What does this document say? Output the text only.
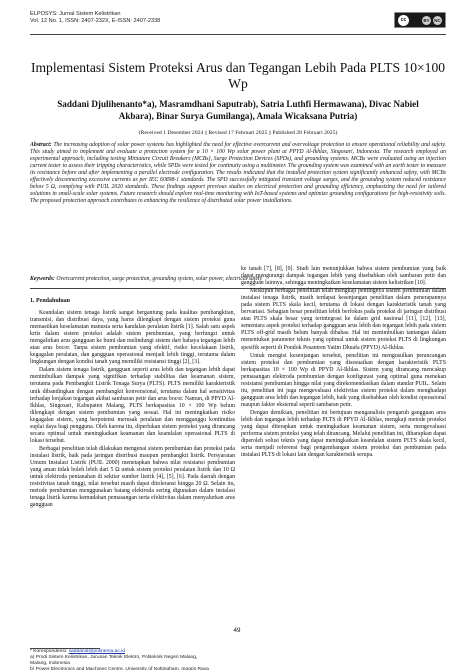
ELPOSYS: Jurnal Sistem Kelistrikan
Vol. 12 No. 1, ISSN: 2407-232X, E-ISSN: 2407-2338	cc	BY	NC
Implementasi Sistem Proteksi Arus dan Tegangan Lebih Pada PLTS 10×100 Wp
Saddani Djulihenanto*a), Masramdhani Saputrab), Satria Luthfi Hermawana), Divac Nabiel
Akbara), Binar Surya Gumilanga), Amala Wicaksana Putria)
(Received 1 Desember 2024 || Revised 17 Februari 2025 || Published 28 Februari 2025)
Abstract: The increasing adoption of solar power systems has highlighted the need for effective overcurrent and overvoltage protection to ensure operational reliability and safety. This study aimed to implement and evaluate a protection system for a 10 × 100 Wp solar power plant at PPYD Al-Ikhlas, Singosari, Indonesia. The research employed an experimental approach, including testing Miniature Circuit Breakers (MCBs), Surge Protection Devices (SPDs), and grounding systems. MCBs were evaluated using an injection current tester to assess their tripping characteristics, while SPDs were tested for continuity using a multimeter. The grounding system was examined with an earth tester to measure its resistance before and after implementing a parallel electrode configuration. The results indicated that the installed protection system significantly enhanced safety, with MCBs effectively disconnecting excessive currents as per IEC 60898-1 standards. The SPD successfully mitigated transient voltage surges, and the grounding system reduced resistance below 5 Ω, complying with PUIL 2020 standards. These findings support previous studies on electrical protection and grounding efficiency, emphasizing the need for tailored solutions in small-scale solar systems. Future research should explore real-time monitoring with IoT-based systems and optimize grounding configurations for high-resistivity soils. The proposed protection approach contributes to enhancing the resilience of distributed solar power installations.
Keywords: Overcurrent protection, surge protection, grounding system, solar power, electrical safety
1. Pendahuluan

Keandalan sistem tenaga listrik sangat bergantung pada kualitas pembangkitan, transmisi, dan distribusi daya, yang harus dilengkapi dengan sistem proteksi guna memastikan keselamatan manusia serta kandalan peralatan listrik [1]. Salah satu aspek krits dalam sistem proteksi adalah sistem pembumian, yang berfungsi untuk mengalirkan arus gangguan ke bumi dan melindungi sistem dari bahaya tegangan lebih atau arus bocor. Tanpa sistem pembumian yang efektif, risiko kecelakaan listrik, kegagalan peralatan, dan gangguan operasional menjadi lebih tinggi, terutama dalam lingkungan dengan kondisi tanah yang memiliki resistansi tinggi [2], [3].

Dalam sistem tenaga listrik, gangguan seperti arus lebih dan tegangan lebih dapat menimbulkan dampak yang signifikan terhadap stabilitas dan keamanan sistem, terutama pada Pembangkit Listrik Tenaga Surya (PLTS). PLTS memiliki karakteristik unik dibandingkan dengan pembangkit konvensional, terutama dalam hal sensitivitas terhadap lonjakan tegangan akibat sambaran petir dan arus bocor. Namun, di PPYD Al-Ikhlas, Singosari, Kabupaten Malang, PLTS berkapasitas 10 × 100 Wp belum dilengkapi dengan sistem pembumian yang sesuai. Hal ini meningkatkan risiko kegagalan sistem, yang berpotensi merusak peralatan dan mengganggu kontinuitas suplai daya bagi pengguna. Oleh karena itu, diperlukan sistem proteksi yang dirancang secara optimal untuk meningkatkan keamanan dan keandalan operasional PLTS di lokasi tersebut.

Berbagai penelitian telah dilakukan mengenai sistem pembumian dan proteksi pada instalasi listrik, baik pada jaringan distribusi maupun pembangkit listrik. Persyaratan Umum Instalasi Listrik (PUIL 2000) menetapkan bahwa nilai resistansi pembumian yang aman tidak boleh lebih dari 5 Ω untuk sistem proteksi peralatan listrik dan 10 Ω untuk elektroda pentanahan di sekitar sumber listrik [4], [5], [6]. Pada daerah dengan resistivitas tanah tinggi, nilai tersebut masih dapat ditoleransi hingga 20 Ω. Selain itu, metode pembumian menggunakan batang elektroda sering digunakan dalam instalasi tenaga listrik karena kemudahan pemasangan serta efektivitas dalam menyalurkan arus gangguan

ke tanah [7], [8], [9]. Studi lain menunjukkan bahwa sistem pembumian yang baik dapat mengurangi dampak tegangan lebih yang disebabkan oleh sambaran petir dan gangguan lainnya, sehingga meningkatkan keselamatan sistem kelistrikan [10].

Meskipun berbagai penelitian telah mengkaji pentingnya sistem pembumian dalam instalasi tenaga listrik, masih terdapat kesenjangan penelitian dalam penerapannya pada sistem PLTS skala kecil, terutama di lokasi dengan karakteristik tanah yang bervariasi. Sebagian besar penelitian lebih berfokus pada proteksi di jaringan distribusi atau PLTS skala besar yang terintegrasi ke dalam grid nasional [11], [12], [13], sementara aspek proteksi terhadap gangguan arus lebih dan tegangan lebih pada sistem PLTS off-grid masih belum banyak dibahas. Hal ini menimbulkan tantangan dalam menentukan parameter teknis yang optimal untuk sistem proteksi PLTS di lingkungan spesifik seperti di Pondok Pesantren Yatim Dhuafa (PPYD) Al-Ikhlas.

Untuk mengisi kesenjangan tersebut, penelitian ini mengusulkan perancangan sistem proteksi dan pembumian yang disesuaikan dengan karakteristik PLTS berkapasitas 10 × 100 Wp di PPYD Al-Ikhlas. Sistem yang dirancang mencakup pemasangan elektroda pembumian dengan konfigurasi yang optimal guna menekan resistansi pembumian hingga nilai yang direkomendasikan dalam standar PUIL. Selain itu, penelitian ini juga mengevaluasi efektivitas sistem proteksi dalam menghadapi gangguan arus lebih dan tegangan lebih, baik yang disebabkan oleh kondisi operasional maupun faktor eksternal seperti sambaran petir.

Dengan demikian, penelitian ini bertujuan menganalisis pengaruh gangguan arus lebih dan tegangan lebih terhadap PLTS di PPYD Al-Ikhlas, mengkaji metode proteksi yang dapat diterapkan untuk meningkatkan keamanan sistem, serta mengevaluasi performa sistem proteksi yang telah dirancang. Melalui penelitian ini, diharapkan dapat diperoleh solusi teknis yang dapat meningkatkan keandalan sistem PLTS skala kecil, serta menjadi referensi bagi pengembangan sistem proteksi dan pembumian pada instalasi PLTS di lokasi lain dengan karakteristik serupa.

49
* Korespondensi: saddanid@polinema.ac.id
a) Prodi Sistem Kelistrikan, Jurusan Teknik Elektro, Politeknik Negeri Malang,
Malang, Indonesia
b) Power Electronics and Machines Centre, University of Nottingham, Inggris Raya
